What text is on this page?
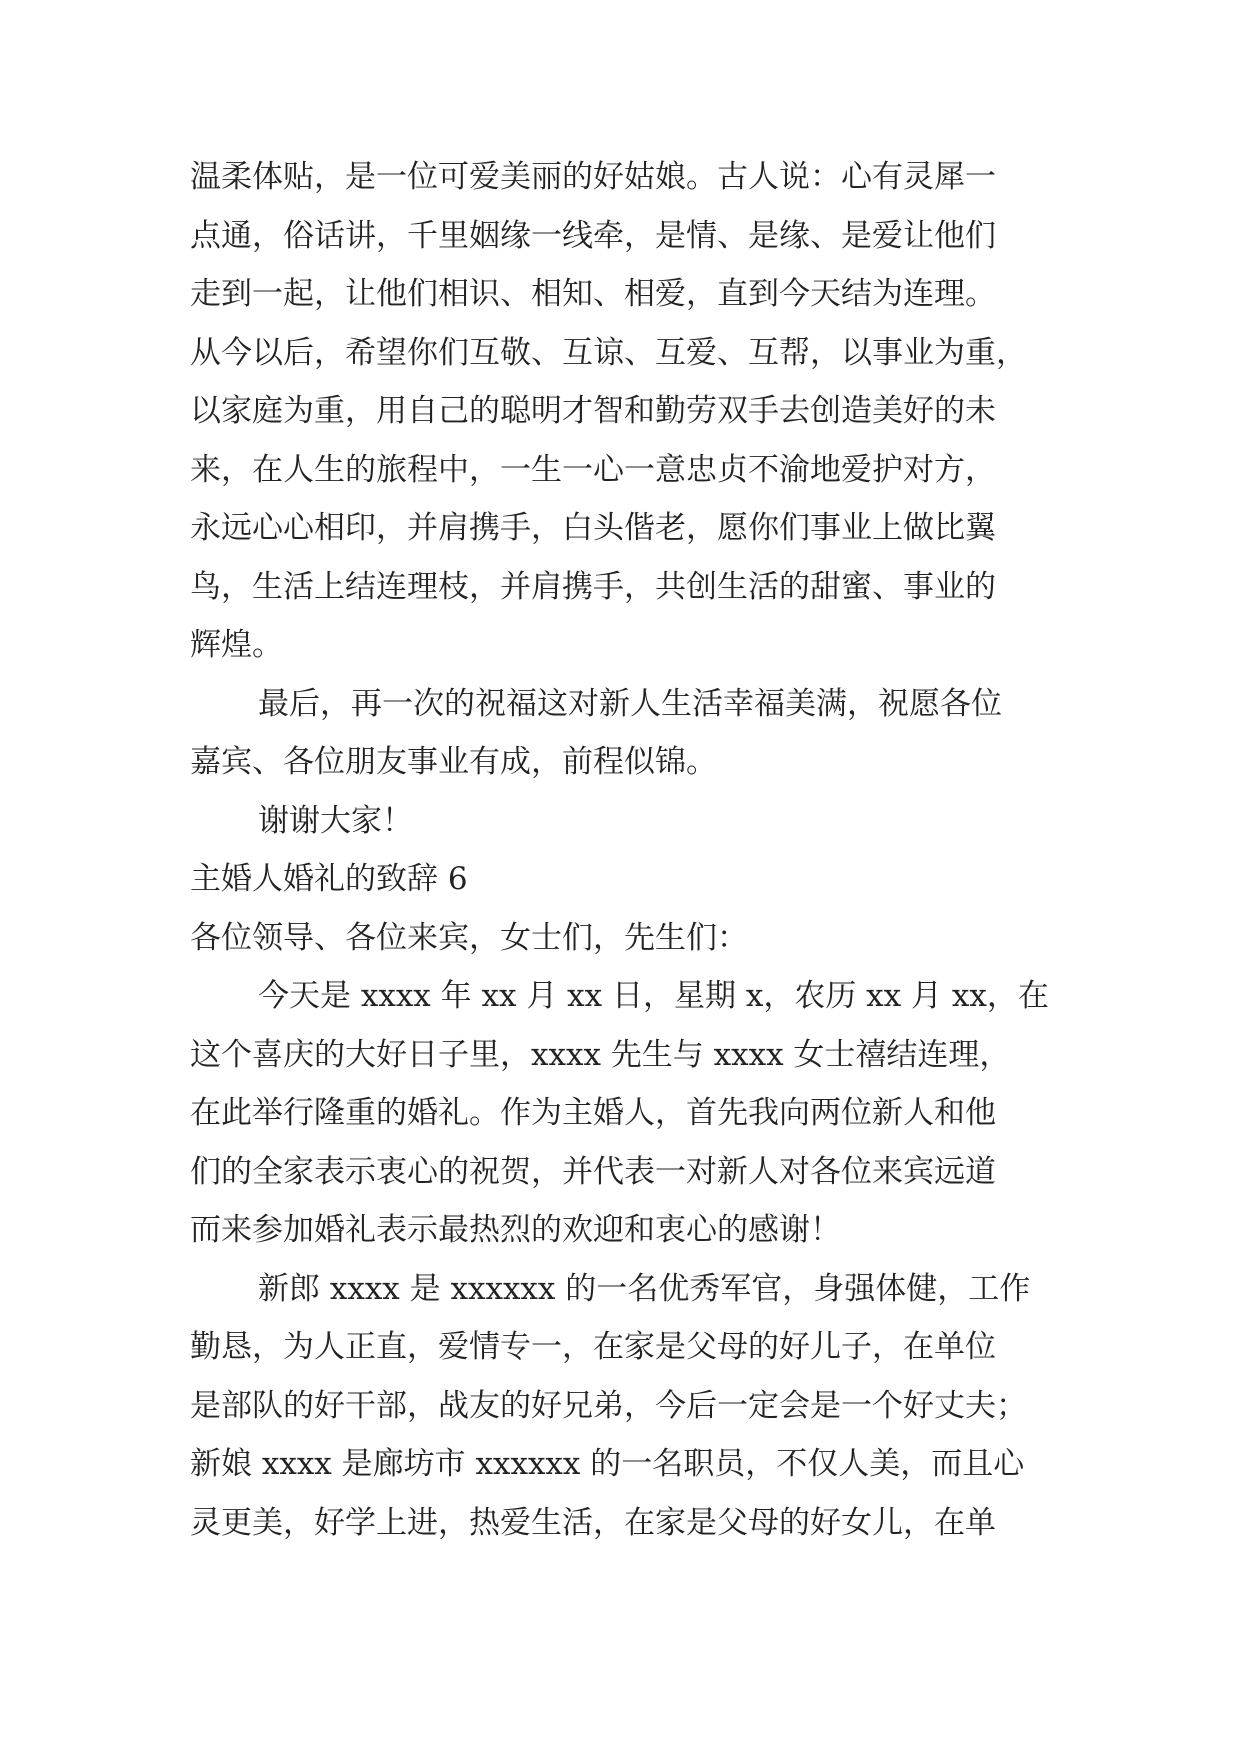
温柔体贴，是一位可爱美丽的好姑娘。古人说：心有灵犀一
点通，俗话讲，千里姻缘一线牵，是情、是缘、是爱让他们
走到一起，让他们相识、相知、相爱，直到今天结为连理。
从今以后，希望你们互敬、互谅、互爱、互帮，以事业为重，
以家庭为重，用自己的聪明才智和勤劳双手去创造美好的未
来，在人生的旅程中，一生一心一意忠贞不渝地爱护对方，
永远心心相印，并肩携手，白头偕老，愿你们事业上做比翼
鸟，生活上结连理枝，并肩携手，共创生活的甜蜜、事业的
辉煌。
最后，再一次的祝福这对新人生活幸福美满，祝愿各位
嘉宾、各位朋友事业有成，前程似锦。
谢谢大家！
主婚人婚礼的致辞 6
各位领导、各位来宾，女士们，先生们：
今天是 xxxx 年 xx 月 xx 日，星期 x，农历 xx 月 xx，在
这个喜庆的大好日子里，xxxx 先生与 xxxx 女士禧结连理，
在此举行隆重的婚礼。作为主婚人，首先我向两位新人和他
们的全家表示衷心的祝贺，并代表一对新人对各位来宾远道
而来参加婚礼表示最热烈的欢迎和衷心的感谢！
新郎 xxxx 是 xxxxxx 的一名优秀军官，身强体健，工作
勤恳，为人正直，爱情专一，在家是父母的好儿子，在单位
是部队的好干部，战友的好兄弟，今后一定会是一个好丈夫；
新娘 xxxx 是廊坊市 xxxxxx 的一名职员，不仅人美，而且心
灵更美，好学上进，热爱生活，在家是父母的好女儿，在单
